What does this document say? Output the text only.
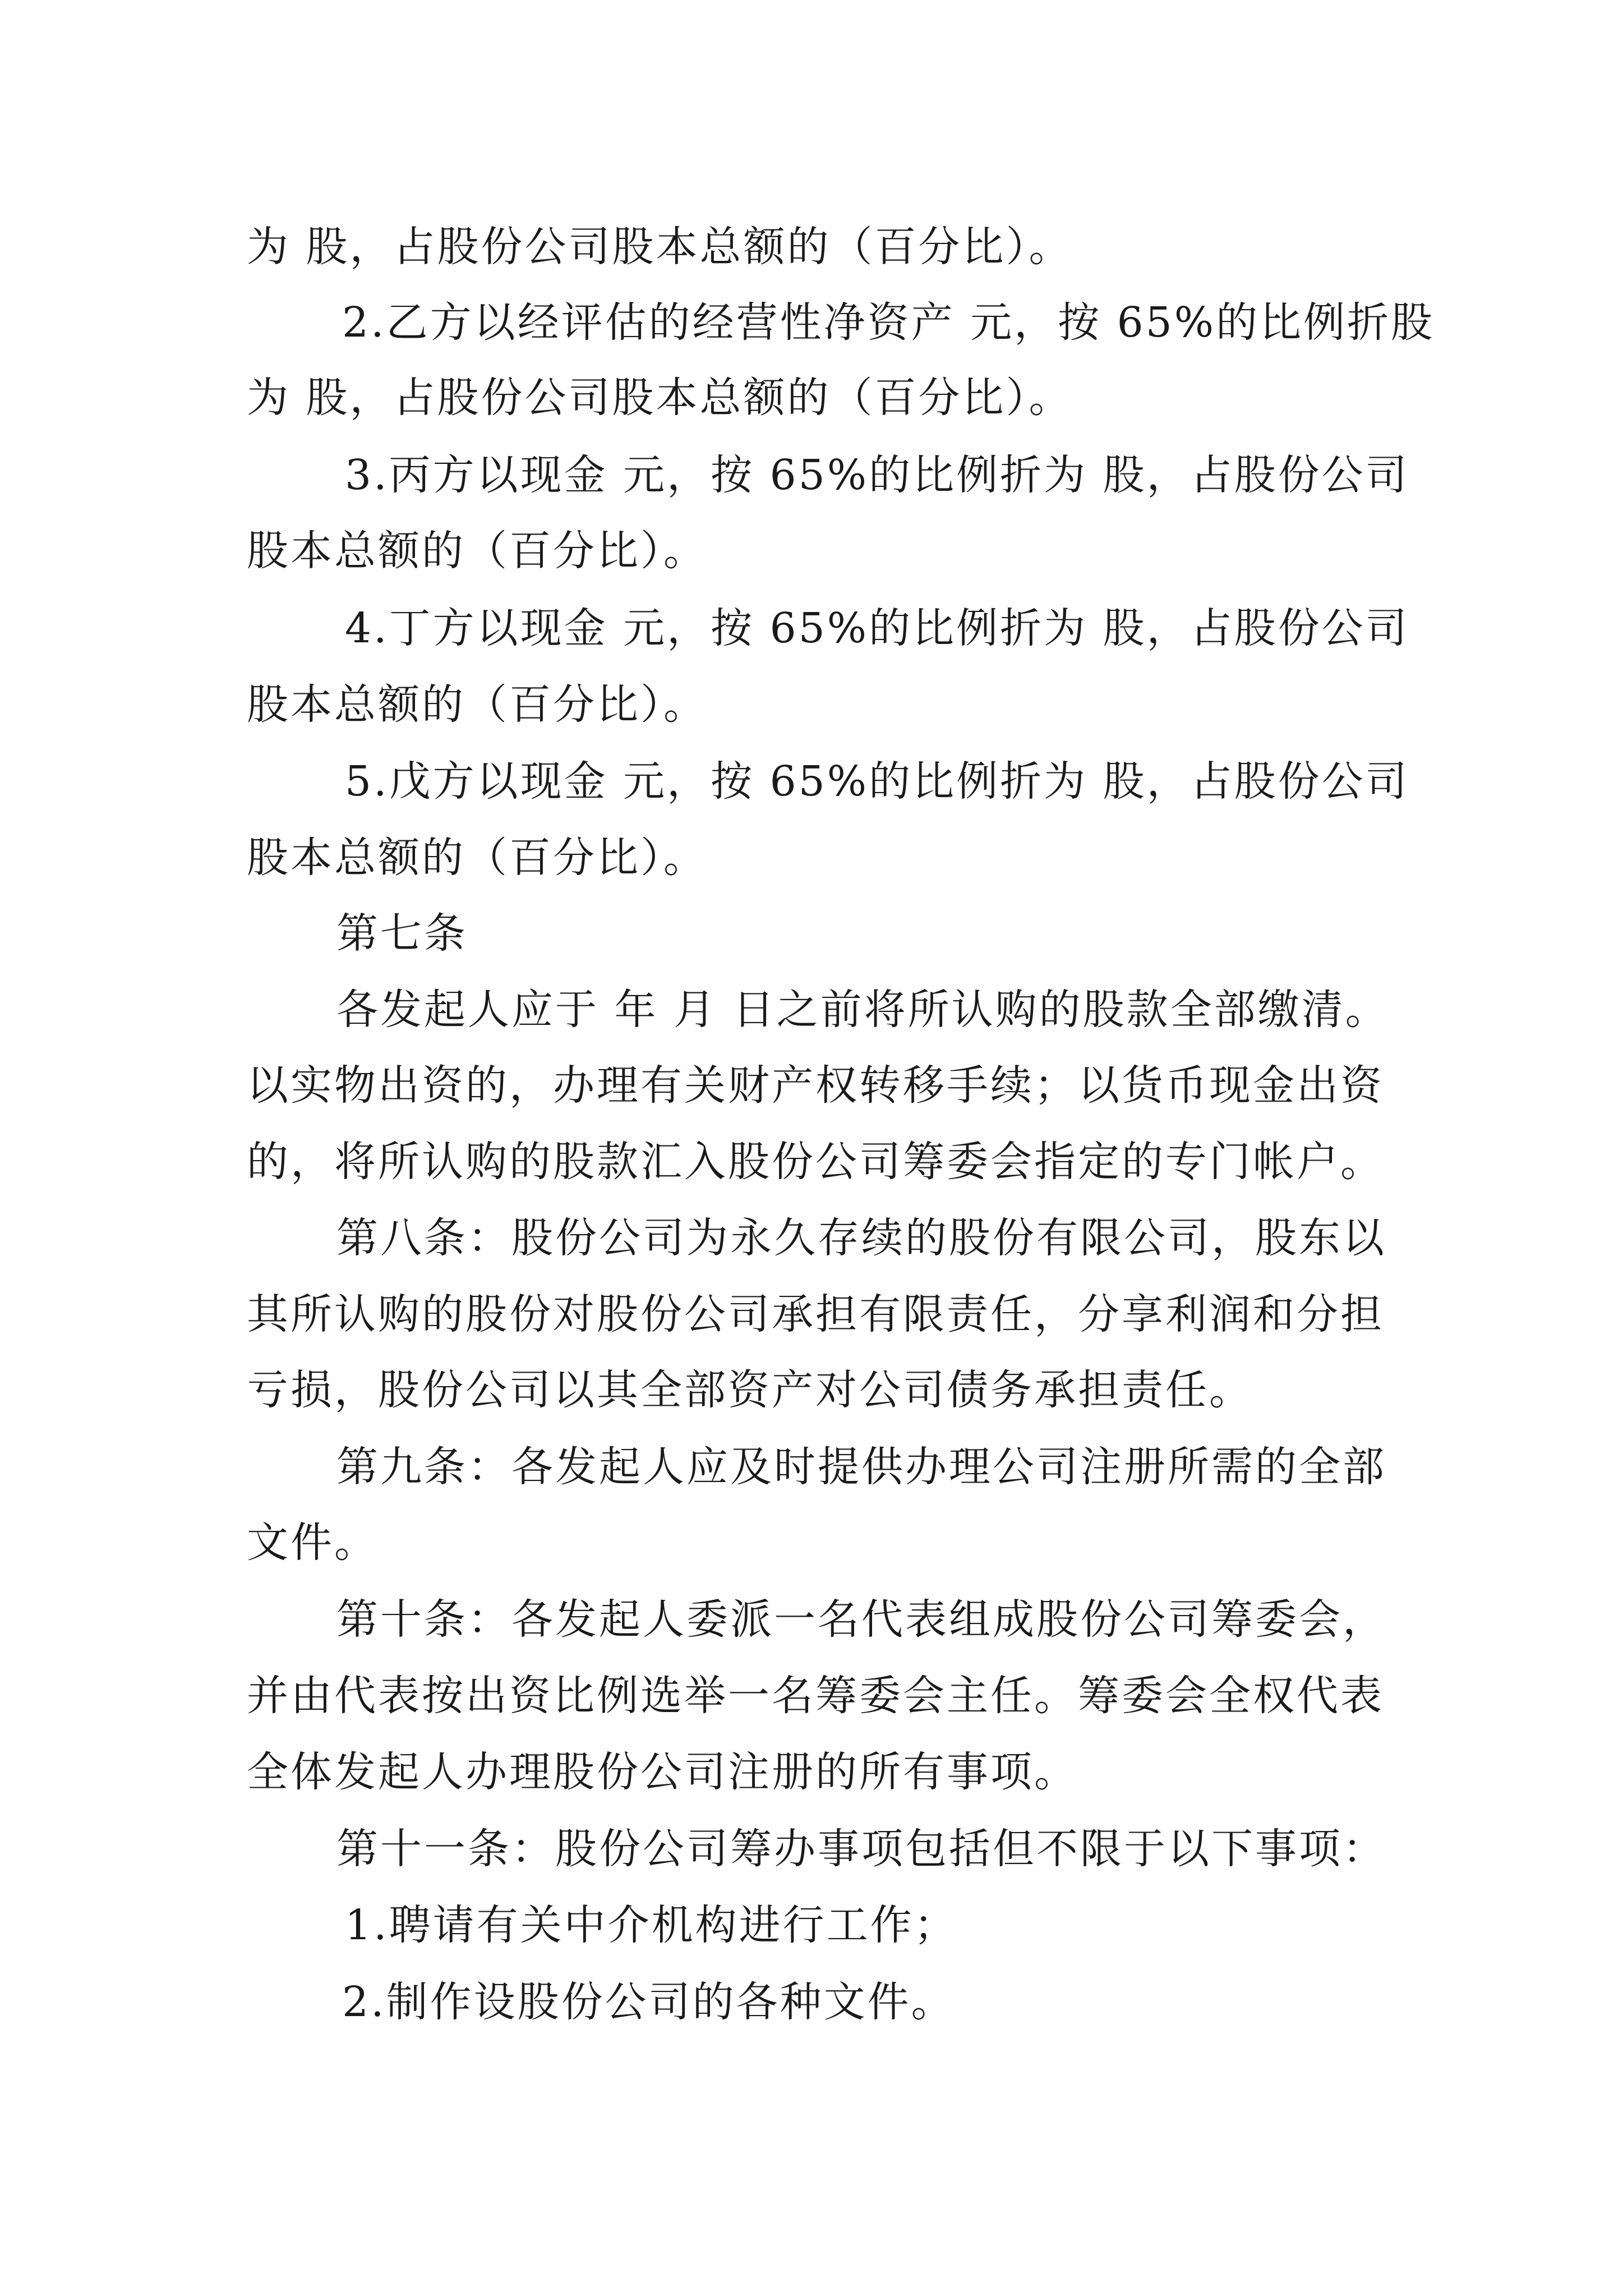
为 股，占股份公司股本总额的（百分比）。
2.乙方以经评估的经营性净资产 元，按 65%的比例折股
为 股，占股份公司股本总额的（百分比）。
3.丙方以现金 元，按 65%的比例折为 股，占股份公司
股本总额的（百分比）。
4.丁方以现金 元，按 65%的比例折为 股，占股份公司
股本总额的（百分比）。
5.戊方以现金 元，按 65%的比例折为 股，占股份公司
股本总额的（百分比）。
第七条
各发起人应于 年 月 日之前将所认购的股款全部缴清。
以实物出资的，办理有关财产权转移手续；以货币现金出资
的，将所认购的股款汇入股份公司筹委会指定的专门帐户。
第八条：股份公司为永久存续的股份有限公司，股东以
其所认购的股份对股份公司承担有限责任，分享利润和分担
亏损，股份公司以其全部资产对公司债务承担责任。
第九条：各发起人应及时提供办理公司注册所需的全部
文件。
第十条：各发起人委派一名代表组成股份公司筹委会，
并由代表按出资比例选举一名筹委会主任。筹委会全权代表
全体发起人办理股份公司注册的所有事项。
第十一条：股份公司筹办事项包括但不限于以下事项：
1.聘请有关中介机构进行工作；
2.制作设股份公司的各种文件。
